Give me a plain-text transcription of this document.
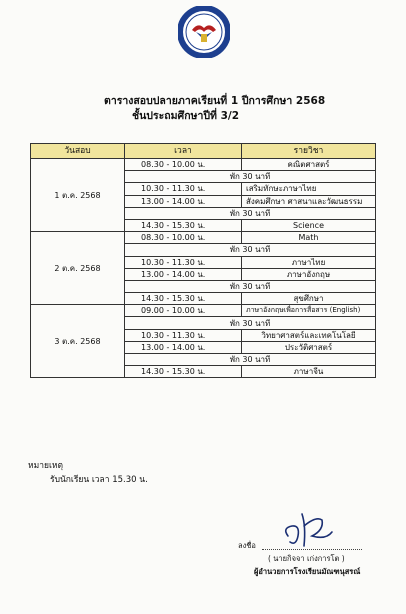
ตารางสอบปลายภาคเรียนที่ 1 ปีการศึกษา 2568
ชั้นประถมศึกษาปีที่ 3/2
วันสอบ	เวลา	รายวิชา
1 ต.ค. 2568	08.30 - 10.00 น.	คณิตศาสตร์
	พัก 30 นาที	
	10.30 - 11.30 น.	เสริมทักษะภาษาไทย
	13.00 - 14.00 น.	สังคมศึกษา ศาสนาและวัฒนธรรม
	พัก 30 นาที	
	14.30 - 15.30 น.	Science
2 ต.ค. 2568	08.30 - 10.00 น.	Math
	พัก 30 นาที	
	10.30 - 11.30 น.	ภาษาไทย
	13.00 - 14.00 น.	ภาษาอังกฤษ
	พัก 30 นาที	
	14.30 - 15.30 น.	สุขศึกษา
3 ต.ค. 2568	09.00 - 10.00 น.	ภาษาอังกฤษเพื่อการสื่อสาร (English)
	พัก 30 นาที	
	10.30 - 11.30 น.	วิทยาศาสตร์และเทคโนโลยี
	13.00 - 14.00 น.	ประวัติศาสตร์
	พัก 30 นาที	
	14.30 - 15.30 น.	ภาษาจีน
หมายเหตุ
รับนักเรียน เวลา 15.30 น.
ลงชื่อ
( นายกิจจา เก่งการโต )
ผู้อำนวยการโรงเรียนมัณฑนุสรณ์
